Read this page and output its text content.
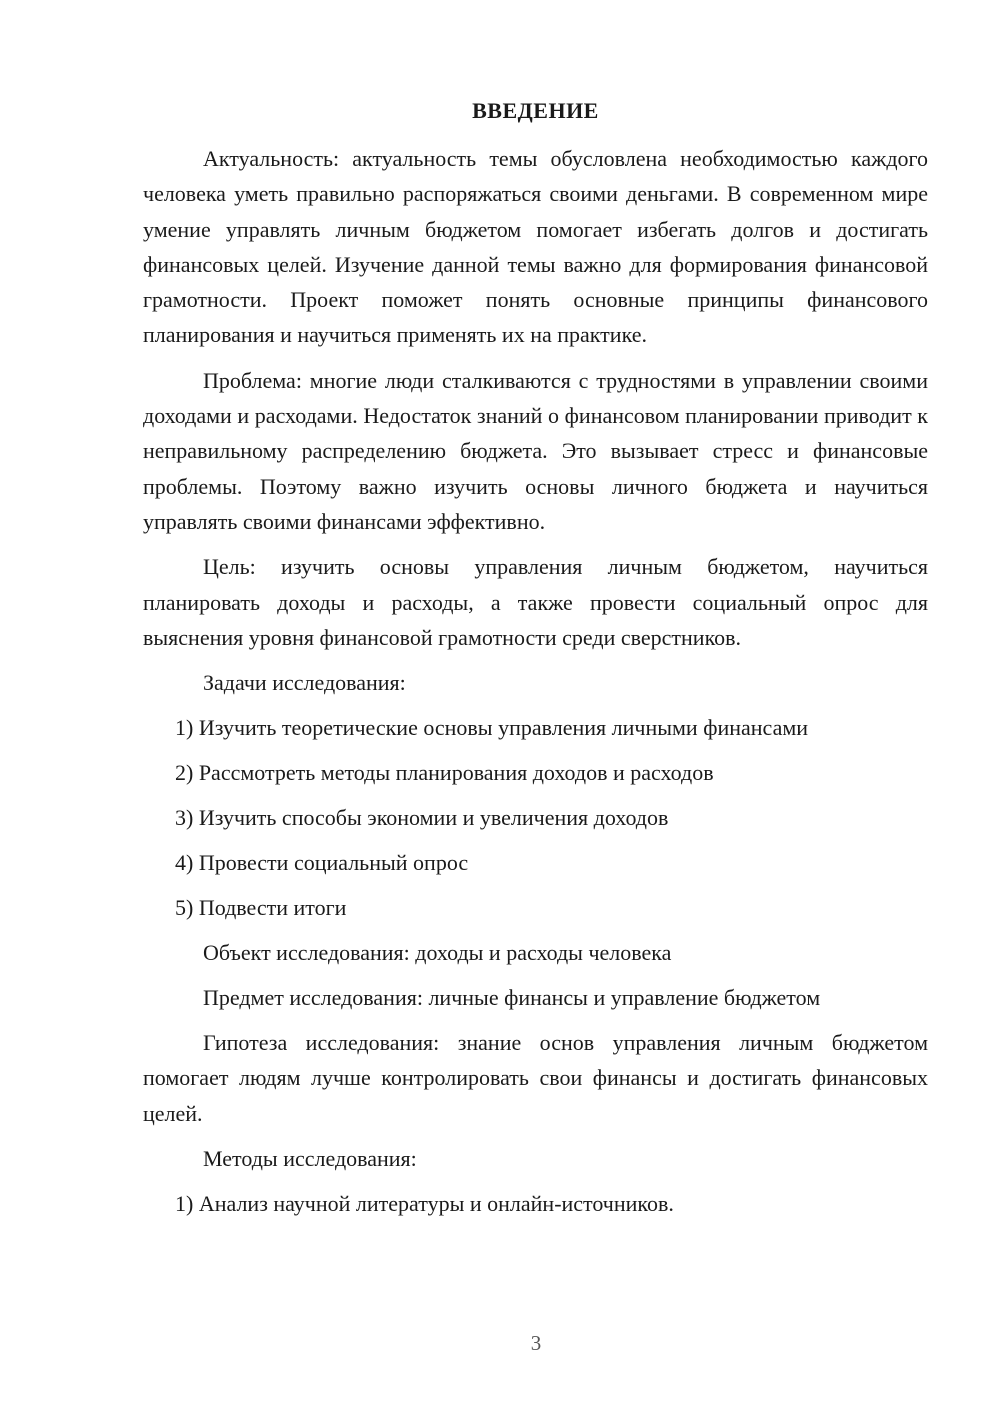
ВВЕДЕНИЕ

Актуальность: актуальность темы обусловлена необходимостью каждого человека уметь правильно распоряжаться своими деньгами. В современном мире умение управлять личным бюджетом помогает избегать долгов и достигать финансовых целей. Изучение данной темы важно для формирования финансовой грамотности. Проект поможет понять основные принципы финансового планирования и научиться применять их на практике.

Проблема: многие люди сталкиваются с трудностями в управлении своими доходами и расходами. Недостаток знаний о финансовом планировании приводит к неправильному распределению бюджета. Это вызывает стресс и финансовые проблемы. Поэтому важно изучить основы личного бюджета и научиться управлять своими финансами эффективно.

Цель: изучить основы управления личным бюджетом, научиться планировать доходы и расходы, а также провести социальный опрос для выяснения уровня финансовой грамотности среди сверстников.

Задачи исследования:
1) Изучить теоретические основы управления личными финансами
2) Рассмотреть методы планирования доходов и расходов
3) Изучить способы экономии и увеличения доходов
4) Провести социальный опрос
5) Подвести итоги
Объект исследования: доходы и расходы человека
Предмет исследования: личные финансы и управление бюджетом

Гипотеза исследования: знание основ управления личным бюджетом помогает людям лучше контролировать свои финансы и достигать финансовых целей.

Методы исследования:
1) Анализ научной литературы и онлайн-источников.
3
